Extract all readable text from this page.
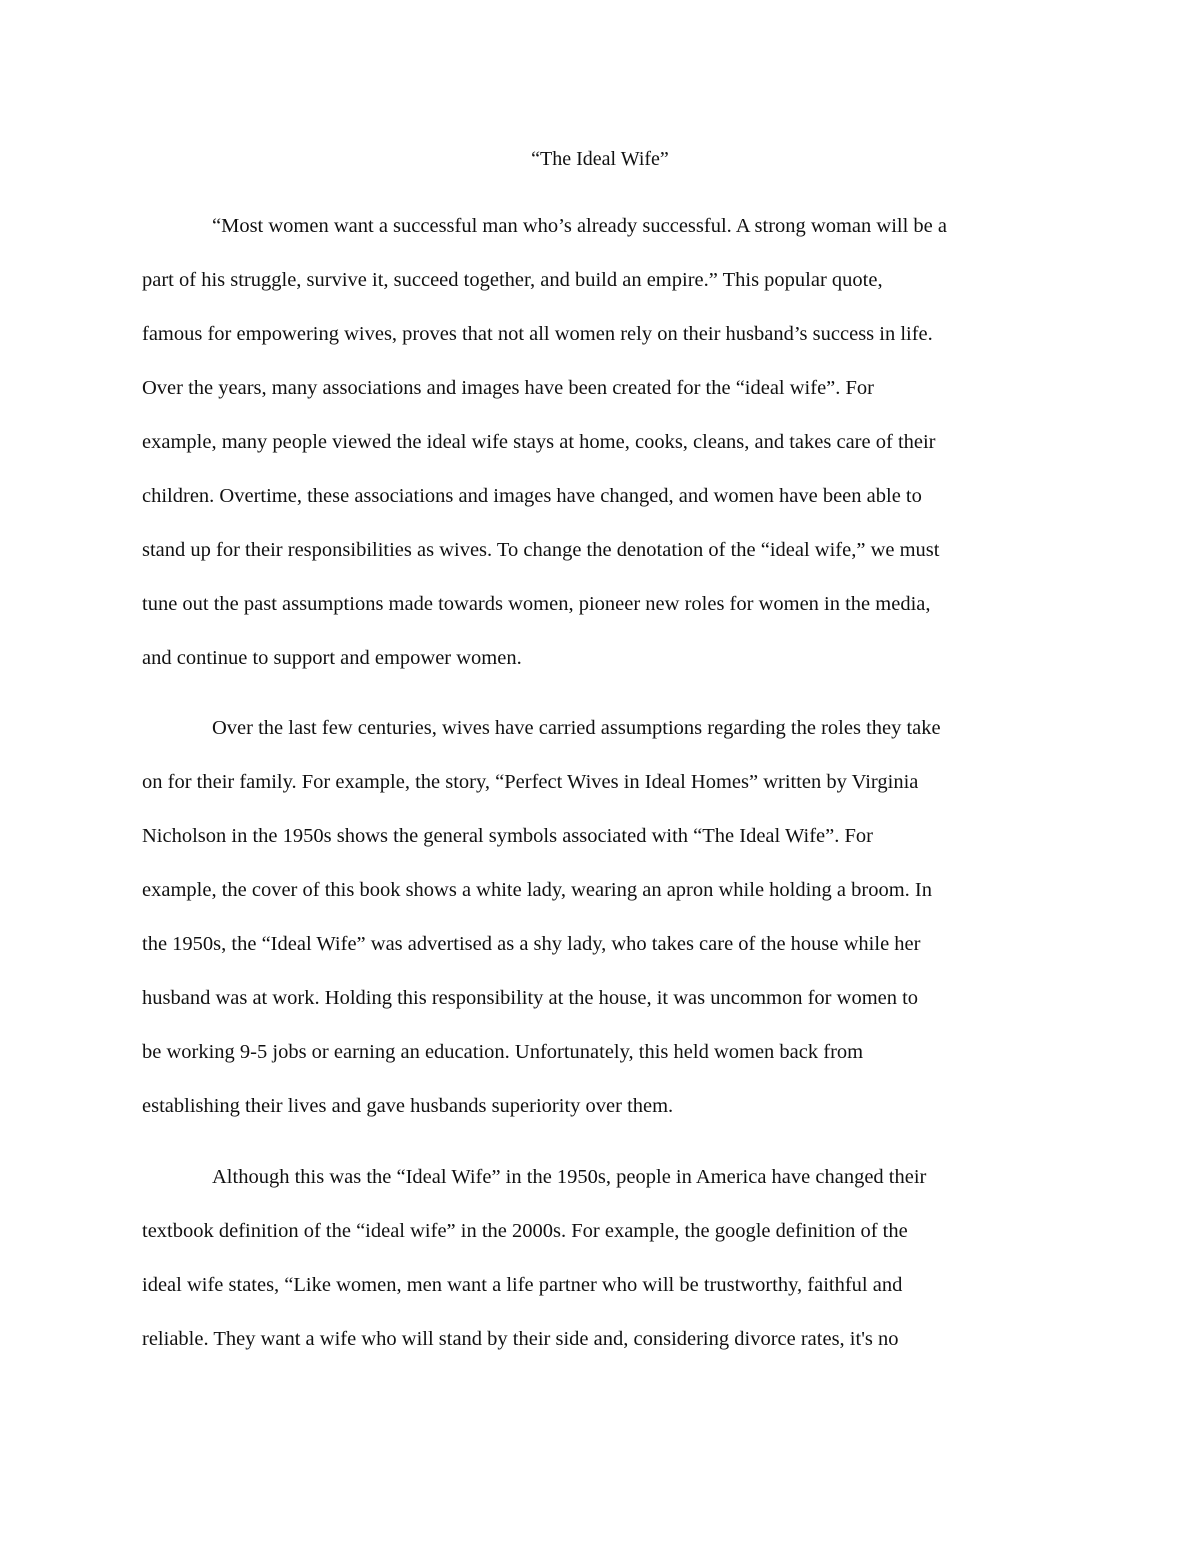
“The Ideal Wife”
“Most women want a successful man who’s already successful. A strong woman will be a
part of his struggle, survive it, succeed together, and build an empire.” This popular quote,
famous for empowering wives, proves that not all women rely on their husband’s success in life.
Over the years, many associations and images have been created for the “ideal wife”. For
example, many people viewed the ideal wife stays at home, cooks, cleans, and takes care of their
children. Overtime, these associations and images have changed, and women have been able to
stand up for their responsibilities as wives. To change the denotation of the “ideal wife,” we must
tune out the past assumptions made towards women, pioneer new roles for women in the media,
and continue to support and empower women.
Over the last few centuries, wives have carried assumptions regarding the roles they take
on for their family. For example, the story, “Perfect Wives in Ideal Homes” written by Virginia
Nicholson in the 1950s shows the general symbols associated with “The Ideal Wife”. For
example, the cover of this book shows a white lady, wearing an apron while holding a broom. In
the 1950s, the “Ideal Wife” was advertised as a shy lady, who takes care of the house while her
husband was at work. Holding this responsibility at the house, it was uncommon for women to
be working 9-5 jobs or earning an education. Unfortunately, this held women back from
establishing their lives and gave husbands superiority over them.
Although this was the “Ideal Wife” in the 1950s, people in America have changed their
textbook definition of the “ideal wife” in the 2000s. For example, the google definition of the
ideal wife states, “Like women, men want a life partner who will be trustworthy, faithful and
reliable. They want a wife who will stand by their side and, considering divorce rates, it's no
